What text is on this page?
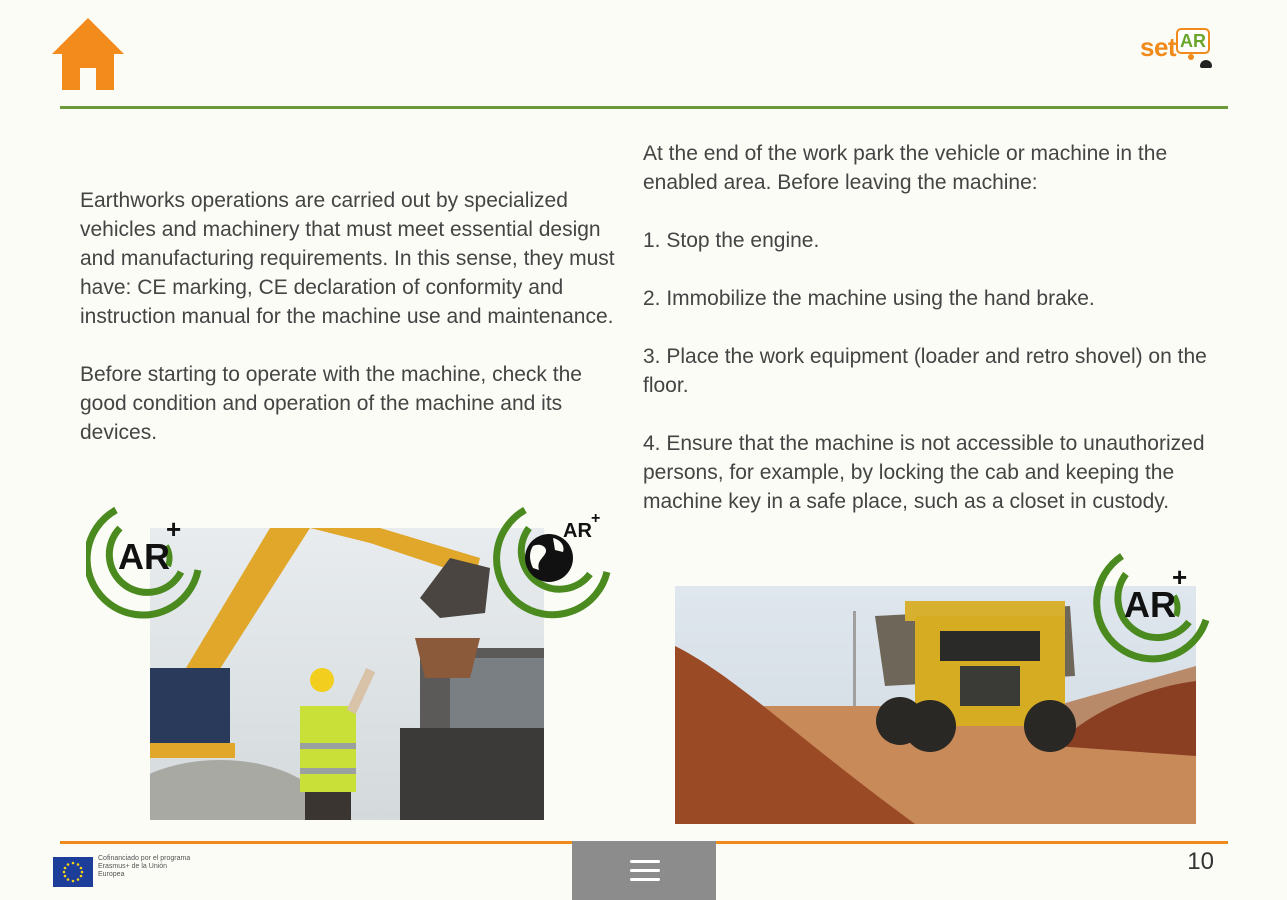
set AR

Earthworks operations are carried out by specialized vehicles and machinery that must meet essential design and manufacturing requirements. In this sense, they must have: CE marking, CE declaration of conformity and instruction manual for the machine use and maintenance.

Before starting to operate with the machine, check the good condition and operation of the machine and its devices.

At the end of the work park the vehicle or machine in the enabled area. Before leaving the machine:

1. Stop the engine.

2. Immobilize the machine using the hand brake.

3. Place the work equipment (loader and retro shovel) on the floor.

4. Ensure that the machine is not accessible to unauthorized persons, for example, by locking the cab and keeping the machine key in a safe place, such as a closet in custody.

AR
+	AR
+
AR
+
Cofinanciado por el programa Erasmus+ de la Unión Europea	10
